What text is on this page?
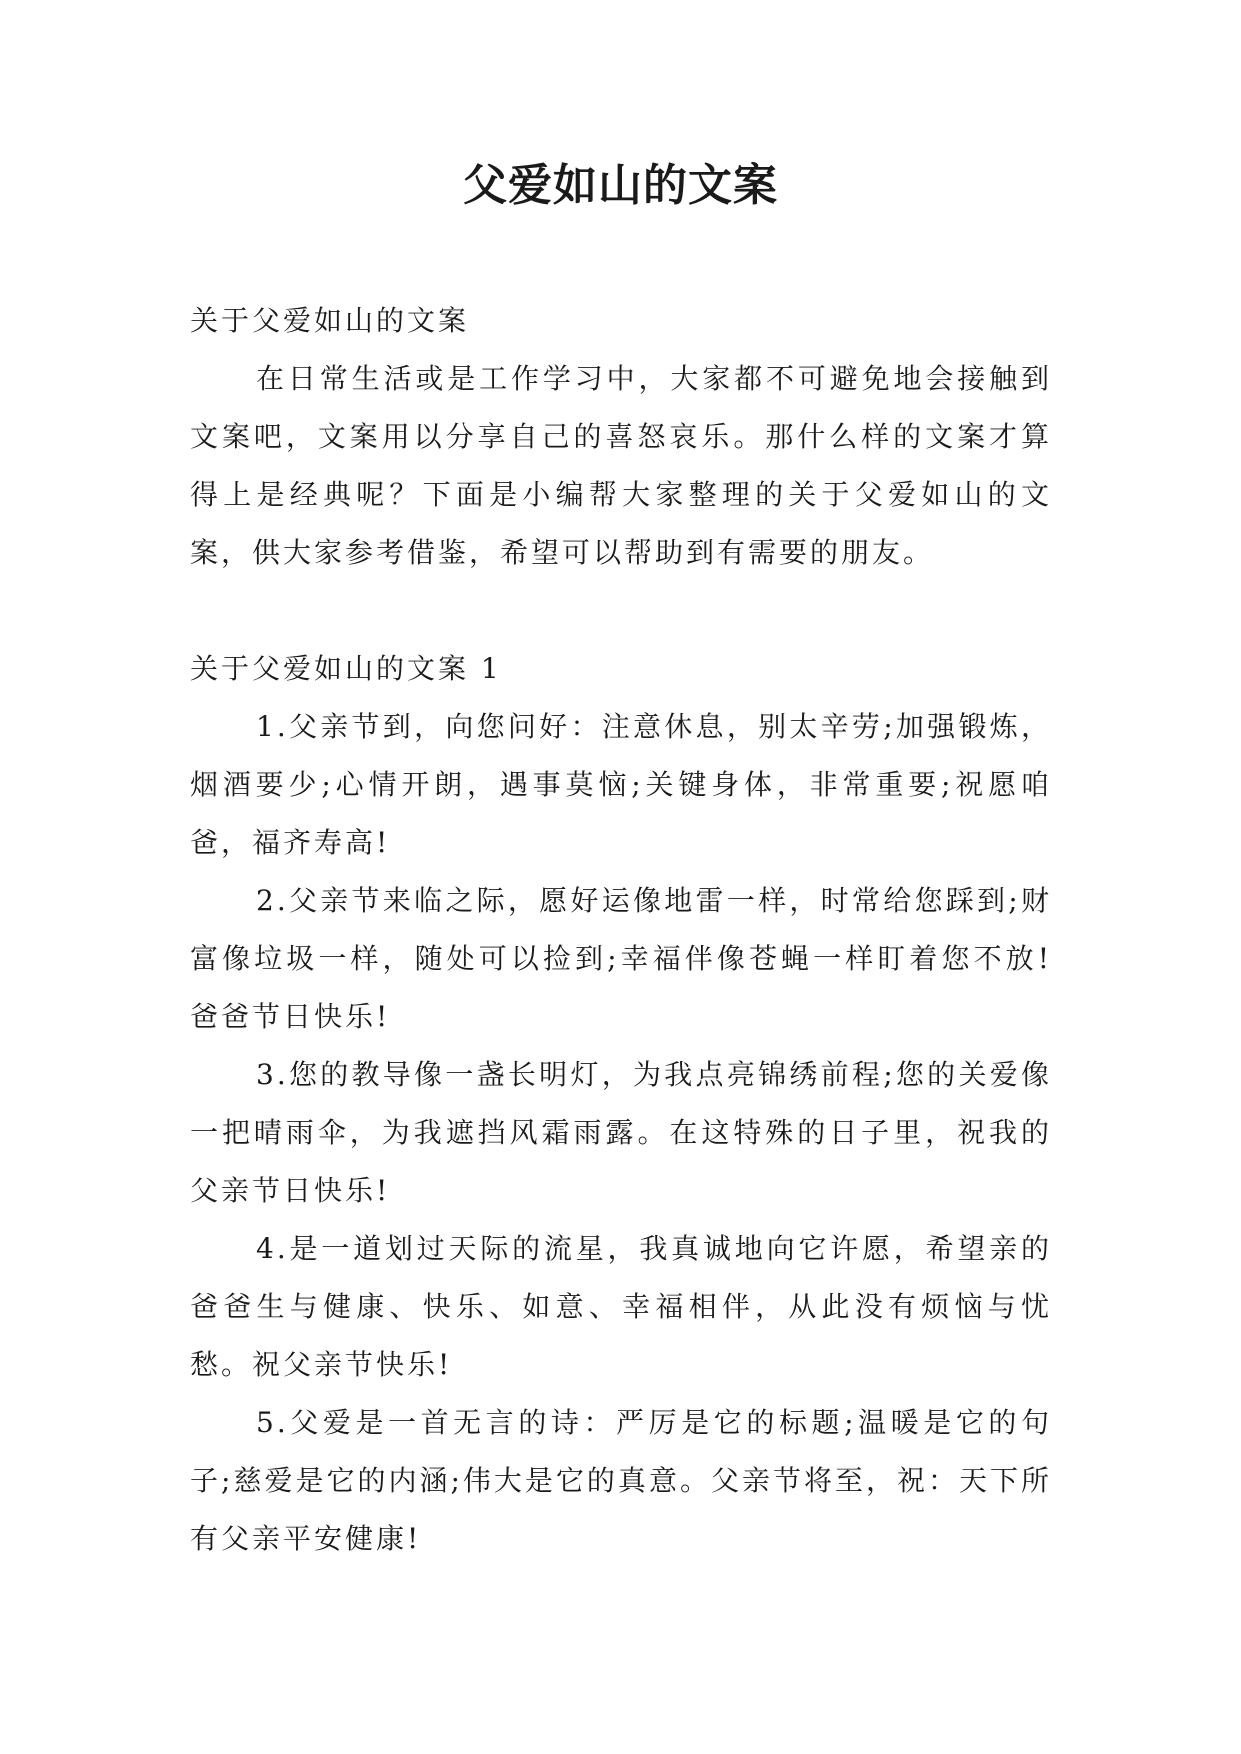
父爱如山的文案

关于父爱如山的文案

在日常生活或是工作学习中，大家都不可避免地会接触到文案吧，文案用以分享自己的喜怒哀乐。那什么样的文案才算得上是经典呢？下面是小编帮大家整理的关于父爱如山的文案，供大家参考借鉴，希望可以帮助到有需要的朋友。

关于父爱如山的文案 1

1.父亲节到，向您问好：注意休息，别太辛劳;加强锻炼，烟酒要少;心情开朗，遇事莫恼;关键身体，非常重要;祝愿咱爸，福齐寿高!

2.父亲节来临之际，愿好运像地雷一样，时常给您踩到;财富像垃圾一样，随处可以捡到;幸福伴像苍蝇一样盯着您不放!爸爸节日快乐!

3.您的教导像一盏长明灯，为我点亮锦绣前程;您的关爱像一把晴雨伞，为我遮挡风霜雨露。在这特殊的日子里，祝我的父亲节日快乐!

4.是一道划过天际的流星，我真诚地向它许愿，希望亲的爸爸生与健康、快乐、如意、幸福相伴，从此没有烦恼与忧愁。祝父亲节快乐!

5.父爱是一首无言的诗：严厉是它的标题;温暖是它的句子;慈爱是它的内涵;伟大是它的真意。父亲节将至，祝：天下所有父亲平安健康!
